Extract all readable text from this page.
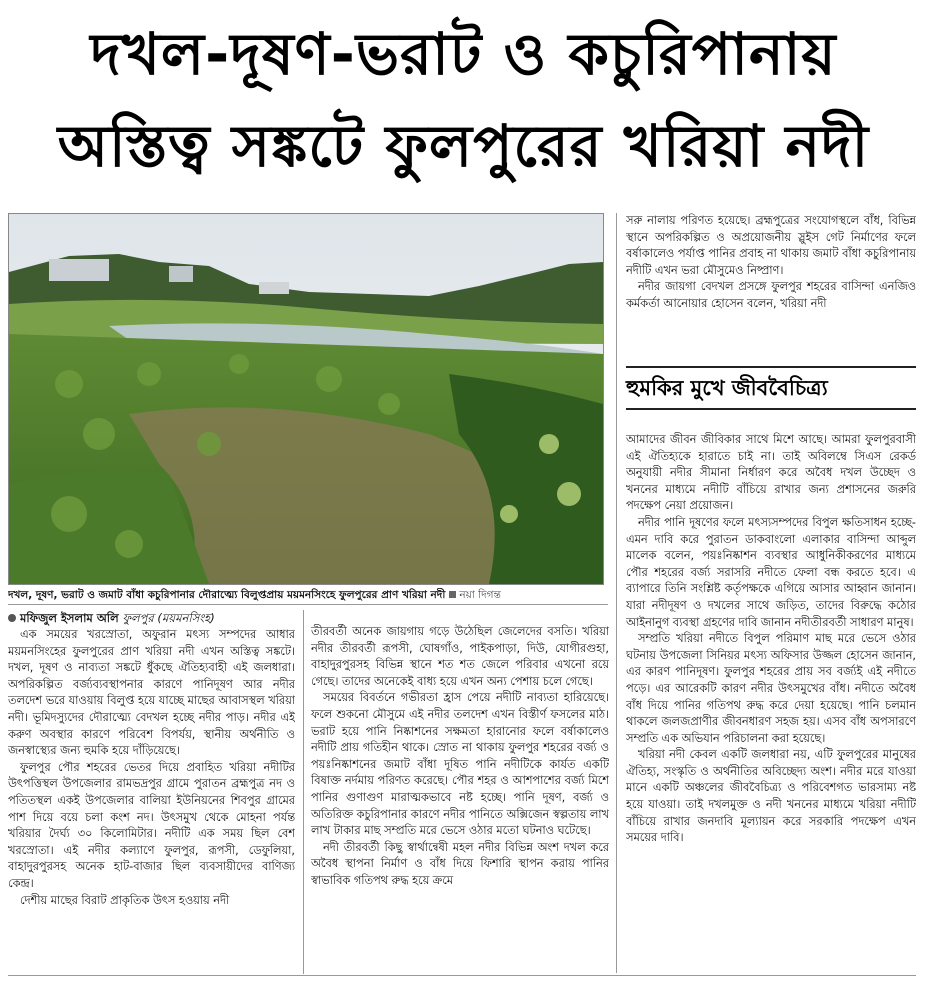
দখল-দূষণ-ভরাট ও কচুরিপানায়
অস্তিত্ব সঙ্কটে ফুলপুরের খরিয়া নদী
দখল, দূষণ, ভরাট ও জমাট বাঁধা কচুরিপানার দৌরাত্ম্যে বিলুপ্তপ্রায় ময়মনসিংহে ফুলপুরের প্রাণ খরিয়া নদী নয়া দিগন্ত
মফিজুল ইসলাম অলি ফুলপুর (ময়মনসিংহ)

এক সময়ের খরস্রোতা, অফুরান মৎস্য সম্পদের আধার ময়মনসিংহের ফুলপুরের প্রাণ খরিয়া নদী এখন অস্তিত্ব সঙ্কটে। দখল, দূষণ ও নাব্যতা সঙ্কটে ধুঁকছে ঐতিহ্যবাহী এই জলধারা। অপরিকল্পিত বর্জ্যব্যবস্থাপনার কারণে পানিদূষণ আর নদীর তলদেশ ভরে যাওয়ায় বিলুপ্ত হয়ে যাচ্ছে মাছের আবাসস্থল খরিয়া নদী। ভূমিদস্যুদের দৌরাত্ম্যে বেদখল হচ্ছে নদীর পাড়। নদীর এই করুণ অবস্থার কারণে পরিবেশ বিপর্যয়, স্থানীয় অর্থনীতি ও জনস্বাস্থ্যের জন্য হুমকি হয়ে দাঁড়িয়েছে।

ফুলপুর পৌর শহরের ভেতর দিয়ে প্রবাহিত খরিয়া নদীটির উৎপত্তিস্থল উপজেলার রামভদ্রপুর গ্রামে পুরাতন ব্রহ্মপুত্র নদ ও পতিতস্থল একই উপজেলার বালিয়া ইউনিয়নের শিবপুর গ্রামের পাশ দিয়ে বয়ে চলা কংশ নদ। উৎসমুখ থেকে মোহনা পর্যন্ত খরিয়ার দৈর্ঘ্য ৩০ কিলোমিটার। নদীটি এক সময় ছিল বেশ খরস্রোতা। এই নদীর কল্যাণে ফুলপুর, রূপসী, ডেফুলিয়া, বাহাদুরপুরসহ অনেক হাট-বাজার ছিল ব্যবসায়ীদের বাণিজ্য কেন্দ্র।

দেশীয় মাছের বিরাট প্রাকৃতিক উৎস হওয়ায় নদী

তীরবর্তী অনেক জায়গায় গড়ে উঠেছিল জেলেদের বসতি। খরিয়া নদীর তীরবর্তী রূপসী, ঘোষগাঁও, পাইকপাড়া, দিউ, যোগীরগুহা, বাহাদুরপুরসহ বিভিন্ন স্থানে শত শত জেলে পরিবার এখনো রয়ে গেছে। তাদের অনেকেই বাধ্য হয়ে এখন অন্য পেশায় চলে গেছে।

সময়ের বিবর্তনে গভীরতা হ্রাস পেয়ে নদীটি নাব্যতা হারিয়েছে। ফলে শুকনো মৌসুমে এই নদীর তলদেশ এখন বিস্তীর্ণ ফসলের মাঠ। ভরাট হয়ে পানি নিষ্কাশনের সক্ষমতা হারানোর ফলে বর্ষাকালেও নদীটি প্রায় গতিহীন থাকে। স্রোত না থাকায় ফুলপুর শহরের বর্জ্য ও পয়ঃনিষ্কাশনের জমাট বাঁধা দূষিত পানি নদীটিকে কার্যত একটি বিষাক্ত নর্দমায় পরিণত করেছে। পৌর শহর ও আশপাশের বর্জ্য মিশে পানির গুণাগুণ মারাত্মকভাবে নষ্ট হচ্ছে। পানি দূষণ, বর্জ্য ও অতিরিক্ত কচুরিপানার কারণে নদীর পানিতে অক্সিজেন স্বল্পতায় লাখ লাখ টাকার মাছ সম্প্রতি মরে ভেসে ওঠার মতো ঘটনাও ঘটেছে।

নদী তীরবর্তী কিছু স্বার্থান্বেষী মহল নদীর বিভিন্ন অংশ দখল করে অবৈধ স্থাপনা নির্মাণ ও বাঁধ দিয়ে ফিশারি স্থাপন করায় পানির স্বাভাবিক গতিপথ রুদ্ধ হয়ে ক্রমে

সরু নালায় পরিণত হয়েছে। ব্রহ্মপুত্রের সংযোগস্থলে বাঁধ, বিভিন্ন স্থানে অপরিকল্পিত ও অপ্রয়োজনীয় স্লুইস গেট নির্মাণের ফলে বর্ষাকালেও পর্যাপ্ত পানির প্রবাহ না থাকায় জমাট বাঁধা কচুরিপানায় নদীটি এখন ভরা মৌসুমেও নিষ্প্রাণ।

নদীর জায়গা বেদখল প্রসঙ্গে ফুলপুর শহরের বাসিন্দা এনজিও কর্মকর্তা আনোয়ার হোসেন বলেন, খরিয়া নদী

হুমকির মুখে জীববৈচিত্র্য

আমাদের জীবন জীবিকার সাথে মিশে আছে। আমরা ফুলপুরবাসী এই ঐতিহ্যকে হারাতে চাই না। তাই অবিলম্বে সিএস রেকর্ড অনুযায়ী নদীর সীমানা নির্ধারণ করে অবৈধ দখল উচ্ছেদ ও খননের মাধ্যমে নদীটি বাঁচিয়ে রাখার জন্য প্রশাসনের জরুরি পদক্ষেপ নেয়া প্রয়োজন।

নদীর পানি দূষণের ফলে মৎস্যসম্পদের বিপুল ক্ষতিসাধন হচ্ছে- এমন দাবি করে পুরাতন ডাকবাংলো এলাকার বাসিন্দা আব্দুল মালেক বলেন, পয়ঃনিষ্কাশন ব্যবস্থার আধুনিকীকরণের মাধ্যমে পৌর শহরের বর্জ্য সরাসরি নদীতে ফেলা বন্ধ করতে হবে। এ ব্যাপারে তিনি সংশ্লিষ্ট কর্তৃপক্ষকে এগিয়ে আসার আহ্বান জানান। যারা নদীদূষণ ও দখলের সাথে জড়িত, তাদের বিরুদ্ধে কঠোর আইনানুগ ব্যবস্থা গ্রহণের দাবি জানান নদীতীরবর্তী সাধারণ মানুষ।

সম্প্রতি খরিয়া নদীতে বিপুল পরিমাণ মাছ মরে ভেসে ওঠার ঘটনায় উপজেলা সিনিয়র মৎস্য অফিসার উজ্জল হোসেন জানান, এর কারণ পানিদূষণ। ফুলপুর শহরের প্রায় সব বর্জ্যই এই নদীতে পড়ে। এর আরেকটি কারণ নদীর উৎসমুখের বাঁধ। নদীতে অবৈধ বাঁধ দিয়ে পানির গতিপথ রুদ্ধ করে দেয়া হয়েছে। পানি চলমান থাকলে জলজপ্রাণীর জীবনধারণ সহজ হয়। এসব বাঁধ অপসারণে সম্প্রতি এক অভিযান পরিচালনা করা হয়েছে।

খরিয়া নদী কেবল একটি জলধারা নয়, এটি ফুলপুরের মানুষের ঐতিহ্য, সংস্কৃতি ও অর্থনীতির অবিচ্ছেদ্য অংশ। নদীর মরে যাওয়া মানে একটি অঞ্চলের জীববৈচিত্র্য ও পরিবেশগত ভারসাম্য নষ্ট হয়ে যাওয়া। তাই দখলমুক্ত ও নদী খননের মাধ্যমে খরিয়া নদীটি বাঁচিয়ে রাখার জনদাবি মূল্যায়ন করে সরকারি পদক্ষেপ এখন সময়ের দাবি।
